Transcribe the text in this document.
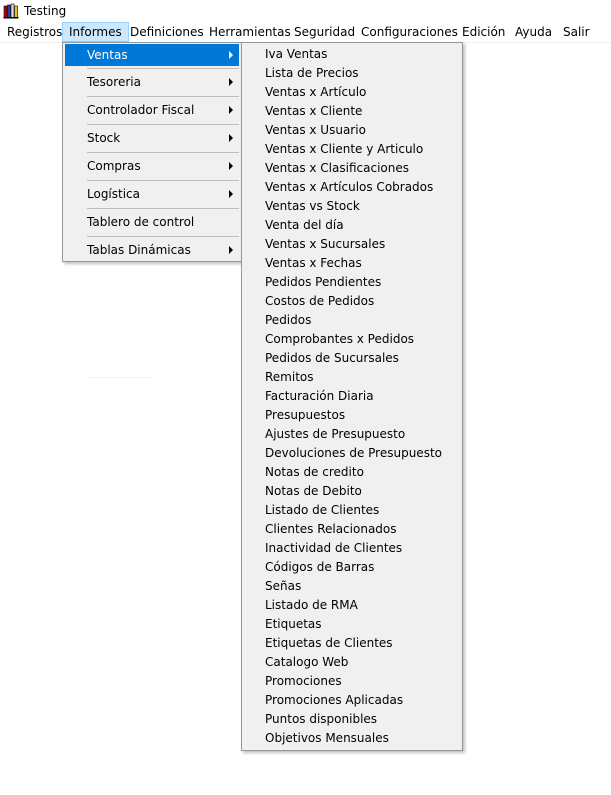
Testing
Registros Informes Definiciones Herramientas Seguridad Configuraciones Edición Ayuda Salir
Ventas
Tesoreria
Controlador Fiscal
Stock
Compras
Logística
Tablero de control
Tablas Dinámicas
Iva Ventas
Lista de Precios
Ventas x Artículo
Ventas x Cliente
Ventas x Usuario
Ventas x Cliente y Articulo
Ventas x Clasificaciones
Ventas x Artículos Cobrados
Ventas vs Stock
Venta del día
Ventas x Sucursales
Ventas x Fechas
Pedidos Pendientes
Costos de Pedidos
Pedidos
Comprobantes x Pedidos
Pedidos de Sucursales
Remitos
Facturación Diaria
Presupuestos
Ajustes de Presupuesto
Devoluciones de Presupuesto
Notas de credito
Notas de Debito
Listado de Clientes
Clientes Relacionados
Inactividad de Clientes
Códigos de Barras
Señas
Listado de RMA
Etiquetas
Etiquetas de Clientes
Catalogo Web
Promociones
Promociones Aplicadas
Puntos disponibles
Objetivos Mensuales
